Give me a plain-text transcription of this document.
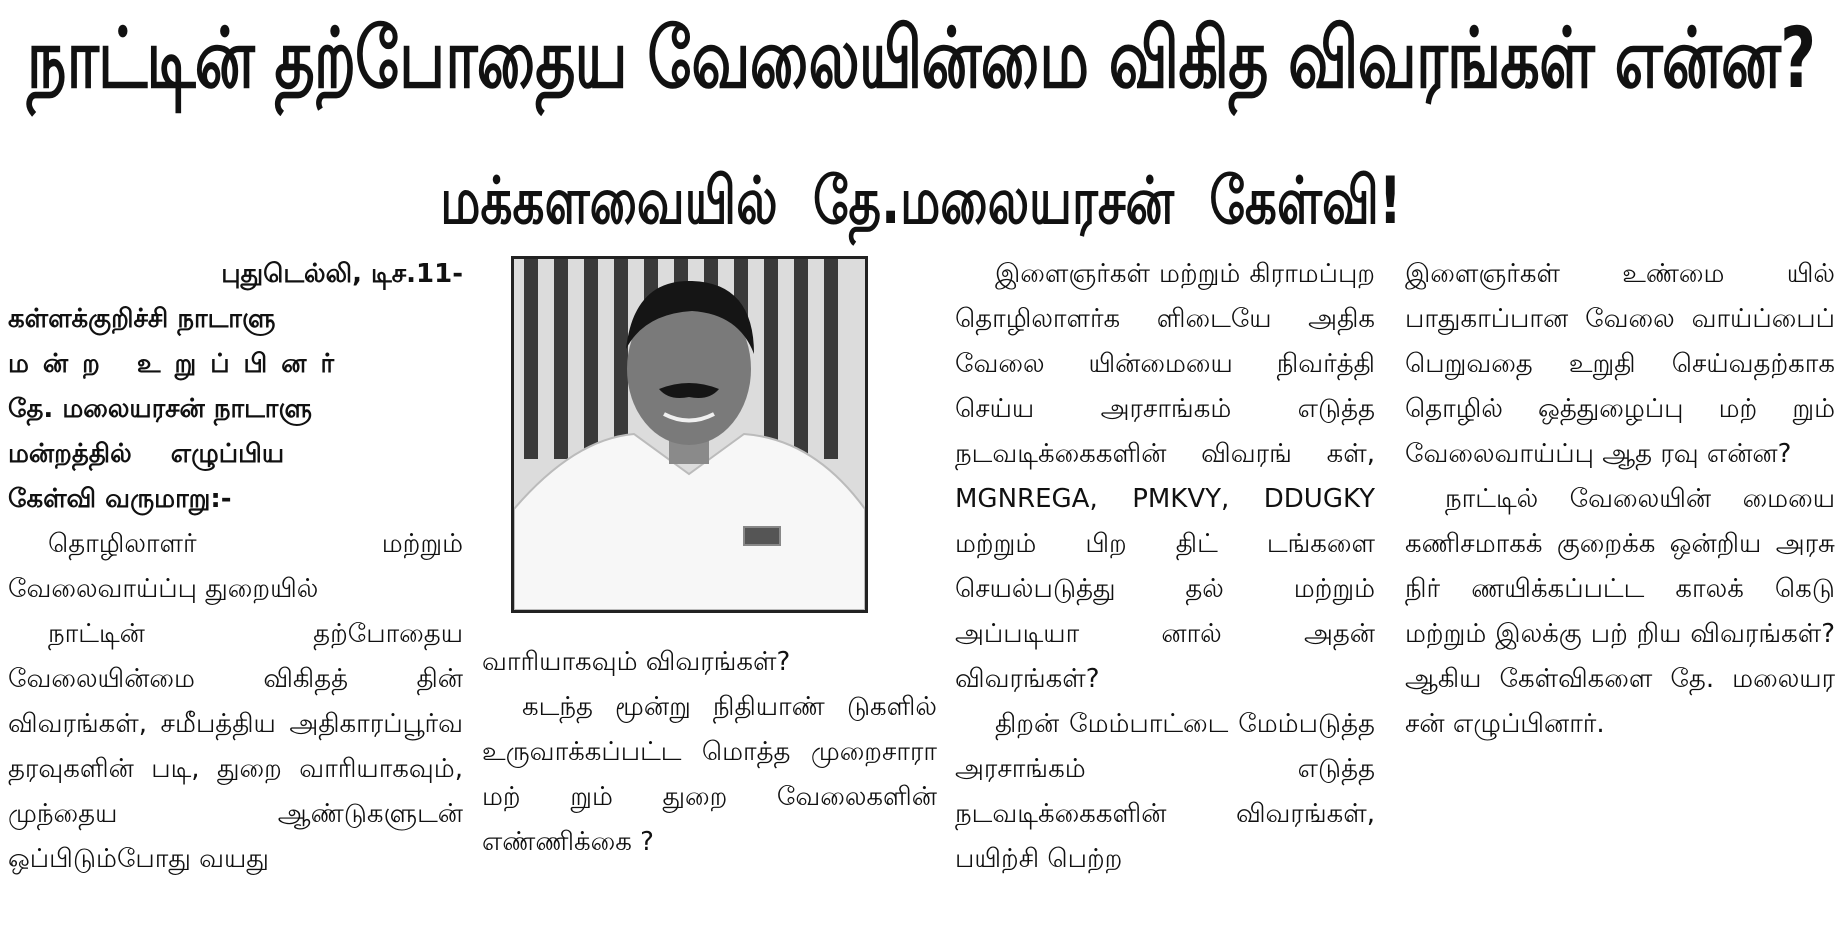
நாட்டின் தற்போதைய வேலையின்மை விகித விவரங்கள் என்ன?
மக்களவையில் தே.மலையரசன் கேள்வி!

புதுடெல்லி, டிச.11-

கள்ளக்குறிச்சி நாடாளு

மன்ற உறுப்பினர்

தே. மலையரசன் நாடாளு

மன்றத்தில் எழுப்பிய

கேள்வி வருமாறு:-

தொழிலாளர் மற்றும் வேலைவாய்ப்பு துறையில்

நாட்டின் தற்போதைய வேலையின்மை விகிதத் தின் விவரங்கள், சமீபத்திய அதிகாரப்பூர்வ தரவுகளின் படி, துறை வாரியாகவும், முந்தைய ஆண்டுகளுடன் ஒப்பிடும்போது வயது

வாரியாகவும் விவரங்கள்?

கடந்த மூன்று நிதியாண் டுகளில் உருவாக்கப்பட்ட மொத்த முறைசாரா மற் றும் துறை வேலைகளின் எண்ணிக்கை ?

இளைஞர்கள் மற்றும் கிராமப்புற தொழிலாளர்க ளிடையே அதிக வேலை யின்மையை நிவர்த்தி செய்ய அரசாங்கம் எடுத்த நடவடிக்கைகளின் விவரங் கள், MGNREGA, PMKVY, DDUGKY மற்றும் பிற திட் டங்களை செயல்படுத்து தல் மற்றும் அப்படியா னால் அதன் விவரங்கள்?

திறன் மேம்பாட்டை மேம்படுத்த அரசாங்கம் எடுத்த நடவடிக்கைகளின் விவரங்கள், பயிற்சி பெற்ற

இளைஞர்கள் உண்மை யில் பாதுகாப்பான வேலை வாய்ப்பைப் பெறுவதை உறுதி செய்வதற்காக தொழில் ஒத்துழைப்பு மற் றும் வேலைவாய்ப்பு ஆத ரவு என்ன?

நாட்டில் வேலையின் மையை கணிசமாகக் குறைக்க ஒன்றிய அரசு நிர் ணயிக்கப்பட்ட காலக் கெடு மற்றும் இலக்கு பற் றிய விவரங்கள்? ஆகிய கேள்விகளை தே. மலையர சன் எழுப்பினார்.
